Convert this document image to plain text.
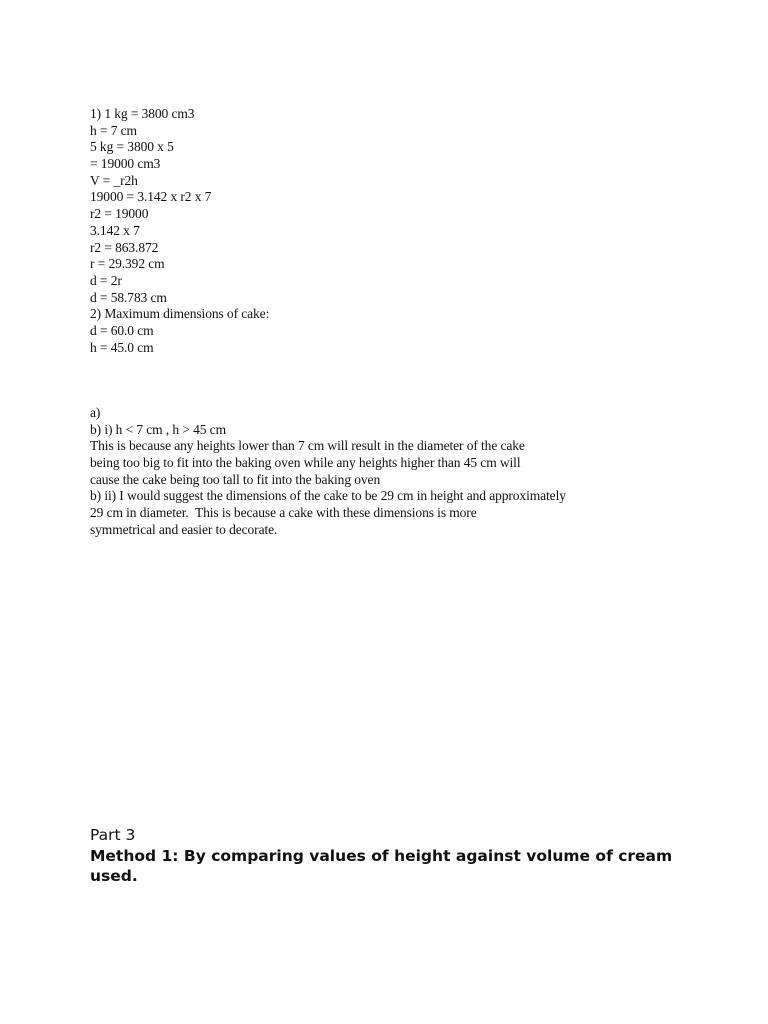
1) 1 kg = 3800 cm3
h = 7 cm
5 kg = 3800 x 5
= 19000 cm3
V = _r2h
19000 = 3.142 x r2 x 7
r2 = 19000
3.142 x 7
r2 = 863.872
r = 29.392 cm
d = 2r
d = 58.783 cm
2) Maximum dimensions of cake:
d = 60.0 cm
h = 45.0 cm
a)
b) i) h < 7 cm , h > 45 cm
This is because any heights lower than 7 cm will result in the diameter of the cake
being too big to fit into the baking oven while any heights higher than 45 cm will
cause the cake being too tall to fit into the baking oven
b) ii) I would suggest the dimensions of the cake to be 29 cm in height and approximately
29 cm in diameter.  This is because a cake with these dimensions is more
symmetrical and easier to decorate.
Part 3
Method 1: By comparing values of height against volume of cream used.
